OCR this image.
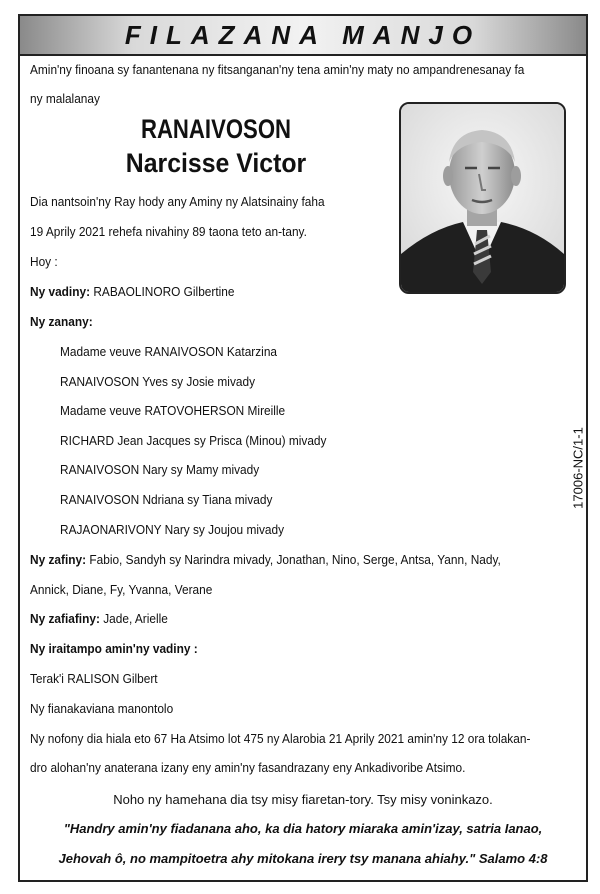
FILAZANA MANJO
Amin'ny finoana sy fanantenana ny fitsanganan'ny tena amin'ny maty no ampandrenesanay fa
ny malalanay
RANAIVOSON
Narcisse Victor
Dia nantsoin'ny Ray hody any Aminy ny Alatsinainy faha
19 Aprily 2021 rehefa nivahiny 89 taona teto an-tany.
Hoy :
Ny vadiny: RABAOLINORO Gilbertine
Ny zanany:
Madame veuve RANAIVOSON Katarzina
RANAIVOSON Yves sy Josie mivady
Madame veuve RATOVOHERSON Mireille
RICHARD Jean Jacques sy Prisca (Minou) mivady
RANAIVOSON Nary sy Mamy mivady
RANAIVOSON Ndriana sy Tiana mivady
RAJAONARIVONY Nary sy Joujou mivady
Ny zafiny: Fabio, Sandyh sy Narindra mivady, Jonathan, Nino, Serge, Antsa, Yann, Nady,
Annick, Diane, Fy, Yvanna, Verane
Ny zafiafiny: Jade, Arielle
Ny iraitampo amin'ny vadiny :
Terak'i RALISON Gilbert
Ny fianakaviana manontolo
Ny nofony dia hiala eto 67 Ha Atsimo lot 475 ny Alarobia 21 Aprily 2021 amin'ny 12 ora tolakan-
dro alohan'ny anaterana izany eny amin'ny fasandrazany eny Ankadivoribe Atsimo.
Noho ny hamehana dia tsy misy fiaretan-tory. Tsy misy voninkazo.
"Handry amin'ny fiadanana aho, ka dia hatory miaraka amin'izay, satria Ianao,
Jehovah ô, no mampitoetra ahy mitokana irery tsy manana ahiahy." Salamo 4:8
17006-NC/1-1
